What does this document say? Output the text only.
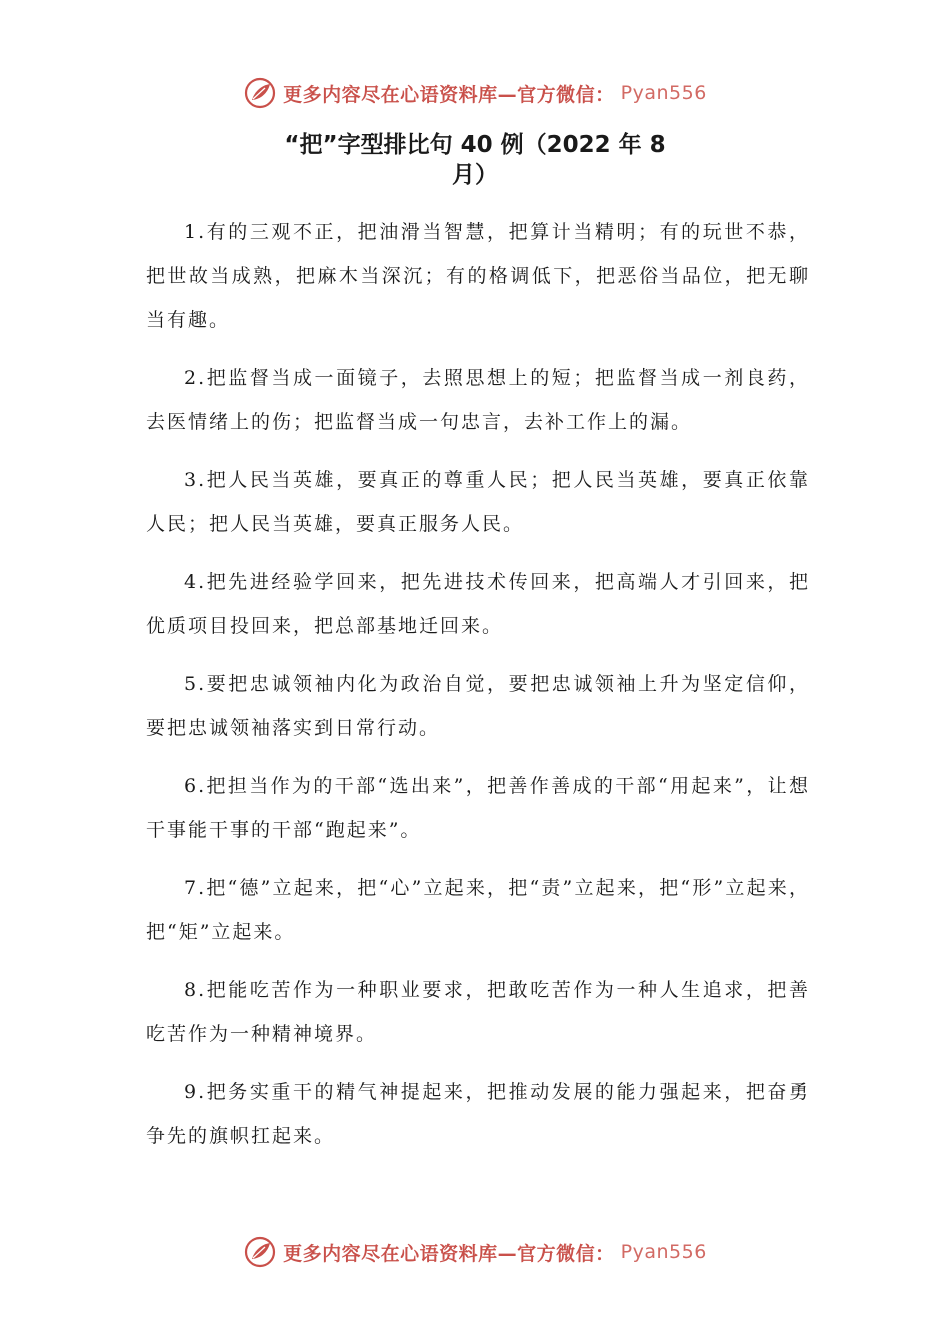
更多内容尽在心语资料库—官方微信： Pyan556
“把”字型排比句 40 例（2022 年 8
月）

1.有的三观不正，把油滑当智慧，把算计当精明；有的玩世不恭，把世故当成熟，把麻木当深沉；有的格调低下，把恶俗当品位，把无聊当有趣。

2.把监督当成一面镜子，去照思想上的短；把监督当成一剂良药，去医情绪上的伤；把监督当成一句忠言，去补工作上的漏。

3.把人民当英雄，要真正的尊重人民；把人民当英雄，要真正依靠人民；把人民当英雄，要真正服务人民。

4.把先进经验学回来，把先进技术传回来，把高端人才引回来，把优质项目投回来，把总部基地迁回来。

5.要把忠诚领袖内化为政治自觉，要把忠诚领袖上升为坚定信仰，要把忠诚领袖落实到日常行动。

6.把担当作为的干部“选出来”，把善作善成的干部“用起来”，让想干事能干事的干部“跑起来”。

7.把“德”立起来，把“心”立起来，把“责”立起来，把“形”立起来，把“矩”立起来。

8.把能吃苦作为一种职业要求，把敢吃苦作为一种人生追求，把善吃苦作为一种精神境界。

9.把务实重干的精气神提起来，把推动发展的能力强起来，把奋勇争先的旗帜扛起来。

更多内容尽在心语资料库—官方微信： Pyan556
